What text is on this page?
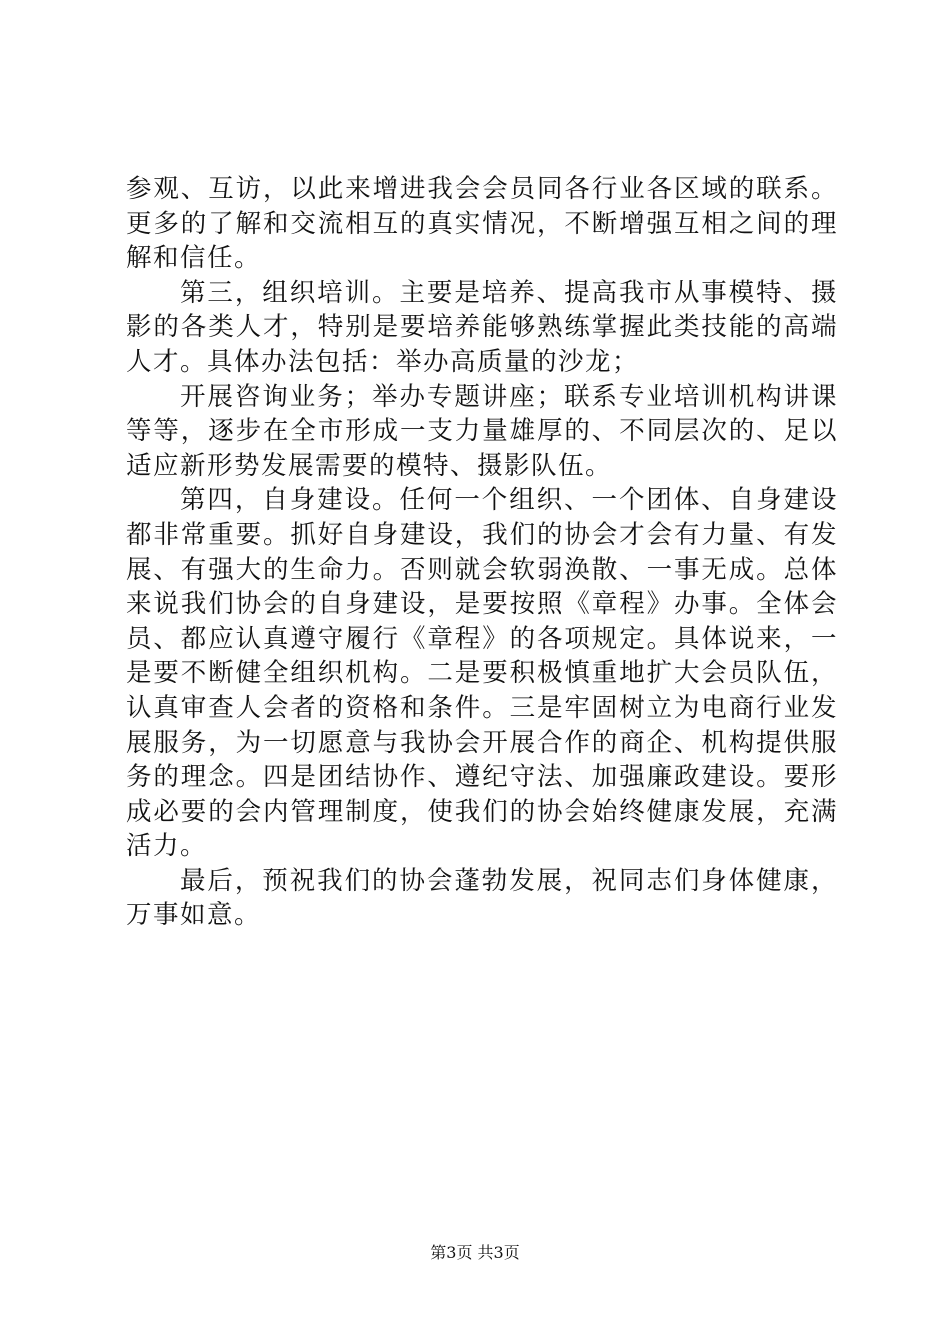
参观、互访，以此来增进我会会员同各行业各区域的联系。更多的了解和交流相互的真实情况，不断增强互相之间的理解和信任。

第三，组织培训。主要是培养、提高我市从事模特、摄影的各类人才，特别是要培养能够熟练掌握此类技能的高端人才。具体办法包括：举办高质量的沙龙；

开展咨询业务；举办专题讲座；联系专业培训机构讲课等等，逐步在全市形成一支力量雄厚的、不同层次的、足以适应新形势发展需要的模特、摄影队伍。

第四，自身建设。任何一个组织、一个团体、自身建设都非常重要。抓好自身建设，我们的协会才会有力量、有发展、有强大的生命力。否则就会软弱涣散、一事无成。总体来说我们协会的自身建设，是要按照《章程》办事。全体会员、都应认真遵守履行《章程》的各项规定。具体说来，一是要不断健全组织机构。二是要积极慎重地扩大会员队伍，认真审查人会者的资格和条件。三是牢固树立为电商行业发展服务，为一切愿意与我协会开展合作的商企、机构提供服务的理念。四是团结协作、遵纪守法、加强廉政建设。要形成必要的会内管理制度，使我们的协会始终健康发展，充满活力。

最后，预祝我们的协会蓬勃发展，祝同志们身体健康，万事如意。

第3页 共3页
